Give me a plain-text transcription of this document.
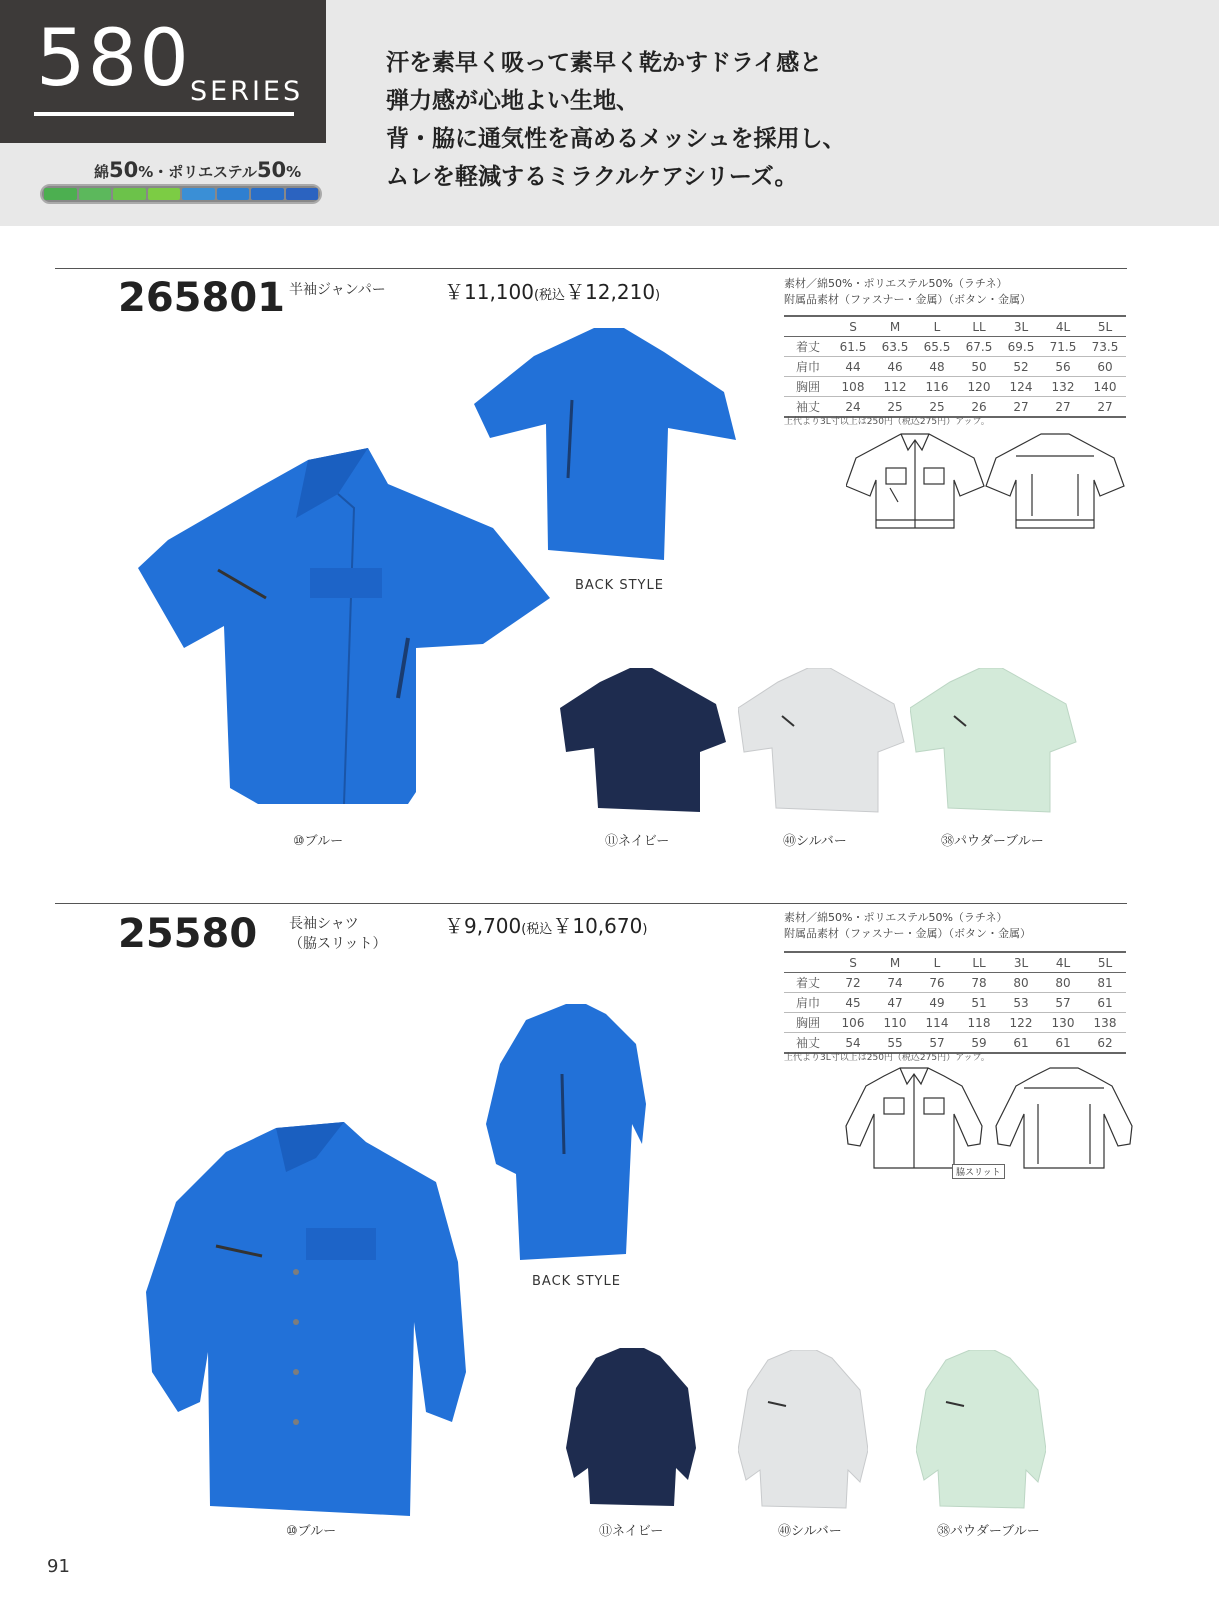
580 SERIES
綿50%・ポリエステル50%
汗を素早く吸って素早く乾かすドライ感と
弾力感が心地よい生地、
背・脇に通気性を高めるメッシュを採用し、
ムレを軽減するミラクルケアシリーズ。
265801 半袖ジャンパー	￥11,100(税込￥12,210)
素材／綿50%・ポリエステル50%（ラチネ）
附属品素材（ファスナー・金属）（ボタン・金属）
	S	M	L	LL	3L	4L	5L
着丈	61.5	63.5	65.5	67.5	69.5	71.5	73.5
肩巾	44	46	48	50	52	56	60
胸囲	108	112	116	120	124	132	140
袖丈	24	25	25	26	27	27	27
上代より3L寸以上は250円（税込275円）アップ。
BACK STYLE
⑩ブルー	⑪ネイビー	㊵シルバー	㊳パウダーブルー
25580 長袖シャツ
（脇スリット）
￥9,700(税込￥10,670)
素材／綿50%・ポリエステル50%（ラチネ）
附属品素材（ファスナー・金属）（ボタン・金属）
	S	M	L	LL	3L	4L	5L
着丈	72	74	76	78	80	80	81
肩巾	45	47	49	51	53	57	61
胸囲	106	110	114	118	122	130	138
袖丈	54	55	57	59	61	61	62
上代より3L寸以上は250円（税込275円）アップ。
脇スリット
BACK STYLE
⑩ブルー	⑪ネイビー	㊵シルバー	㊳パウダーブルー
91
